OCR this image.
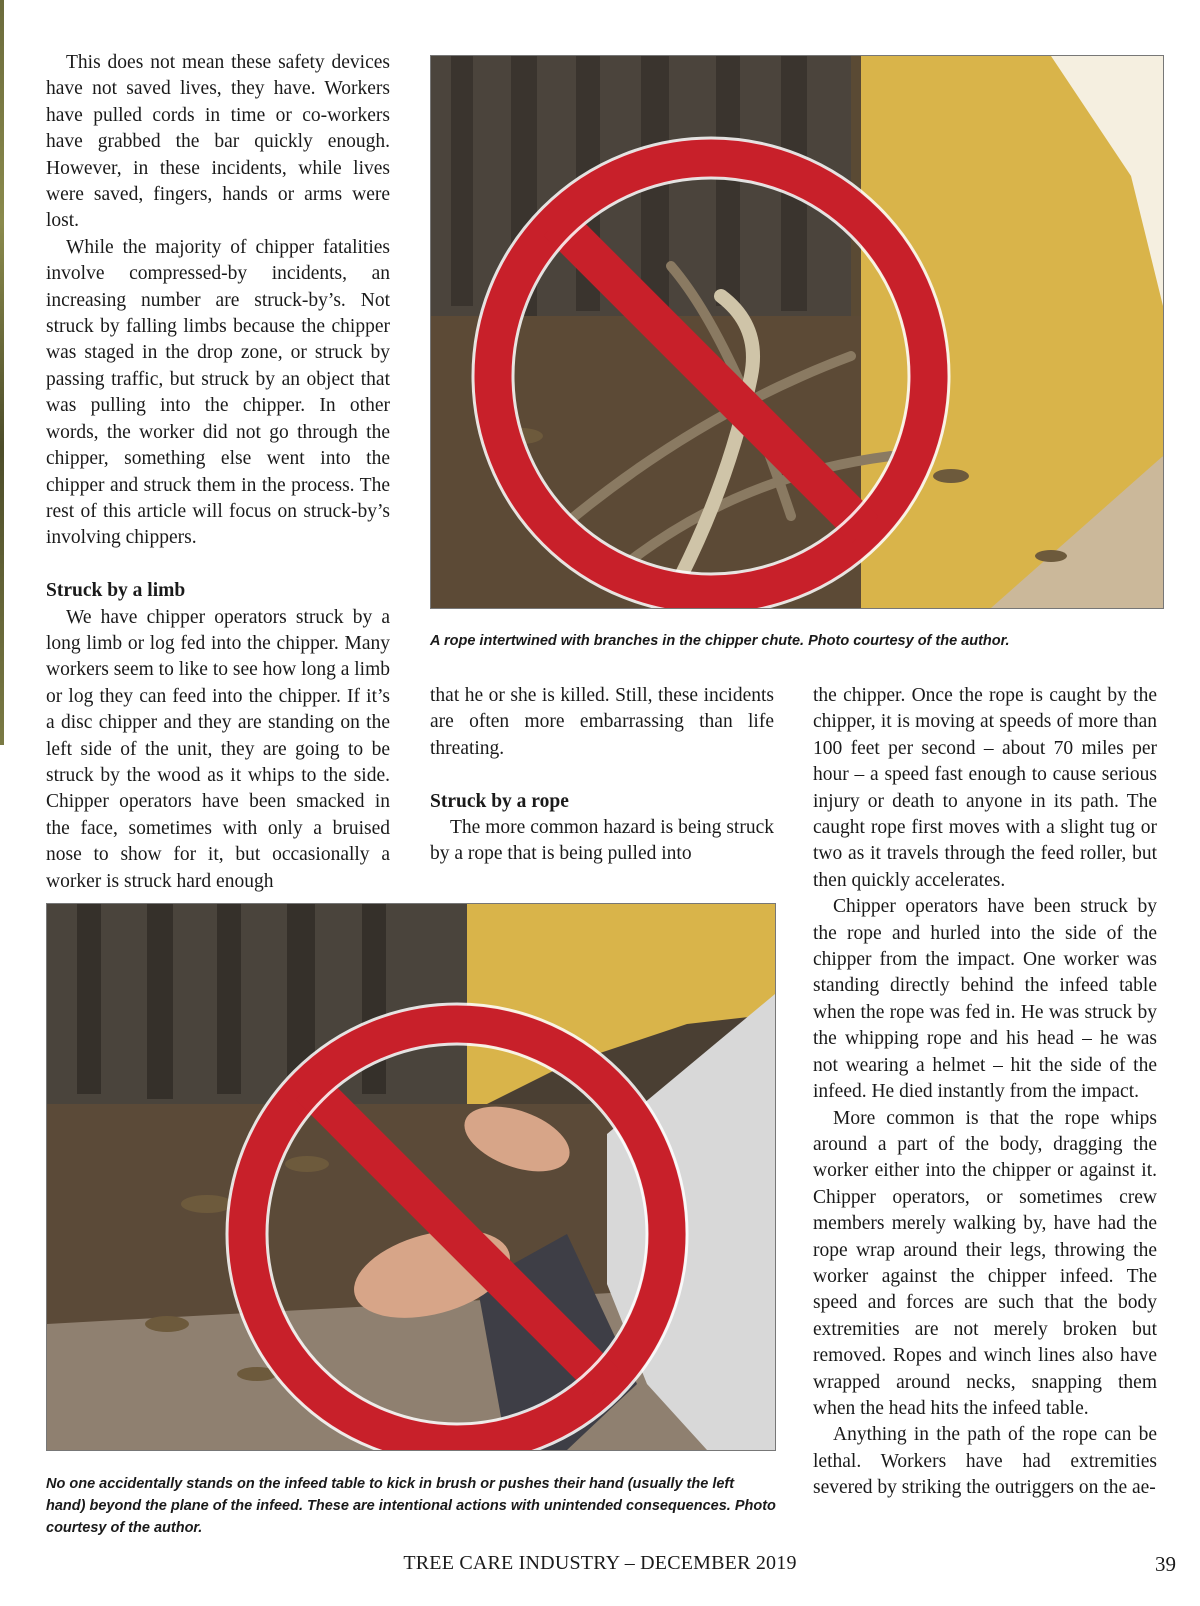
This does not mean these safety devices have not saved lives, they have. Workers have pulled cords in time or co-workers have grabbed the bar quickly enough. However, in these incidents, while lives were saved, fingers, hands or arms were lost.

While the majority of chipper fatalities involve compressed-by incidents, an increasing number are struck-by’s. Not struck by falling limbs because the chipper was staged in the drop zone, or struck by passing traffic, but struck by an object that was pulling into the chipper. In other words, the worker did not go through the chipper, something else went into the chipper and struck them in the process. The rest of this article will focus on struck-by’s involving chippers.

Struck by a limb

We have chipper operators struck by a long limb or log fed into the chipper. Many workers seem to like to see how long a limb or log they can feed into the chipper. If it’s a disc chipper and they are standing on the left side of the unit, they are going to be struck by the wood as it whips to the side. Chipper operators have been smacked in the face, sometimes with only a bruised nose to show for it, but occasionally a worker is struck hard enough

A rope intertwined with branches in the chipper chute. Photo courtesy of the author.

that he or she is killed. Still, these incidents are often more embarrassing than life threating.

Struck by a rope

The more common hazard is being struck by a rope that is being pulled into

the chipper. Once the rope is caught by the chipper, it is moving at speeds of more than 100 feet per second – about 70 miles per hour – a speed fast enough to cause serious injury or death to anyone in its path. The caught rope first moves with a slight tug or two as it travels through the feed roller, but then quickly accelerates.

Chipper operators have been struck by the rope and hurled into the side of the chipper from the impact. One worker was standing directly behind the infeed table when the rope was fed in. He was struck by the whipping rope and his head – he was not wearing a helmet – hit the side of the infeed. He died instantly from the impact.

More common is that the rope whips around a part of the body, dragging the worker either into the chipper or against it. Chipper operators, or sometimes crew members merely walking by, have had the rope wrap around their legs, throwing the worker against the chipper infeed. The speed and forces are such that the body extremities are not merely broken but removed. Ropes and winch lines also have wrapped around necks, snapping them when the head hits the infeed table.

Anything in the path of the rope can be lethal. Workers have had extremities severed by striking the outriggers on the ae-

No one accidentally stands on the infeed table to kick in brush or pushes their hand (usually the left hand) beyond the plane of the infeed. These are intentional actions with unintended consequences. Photo courtesy of the author.
TREE CARE INDUSTRY – DECEMBER 2019	39
